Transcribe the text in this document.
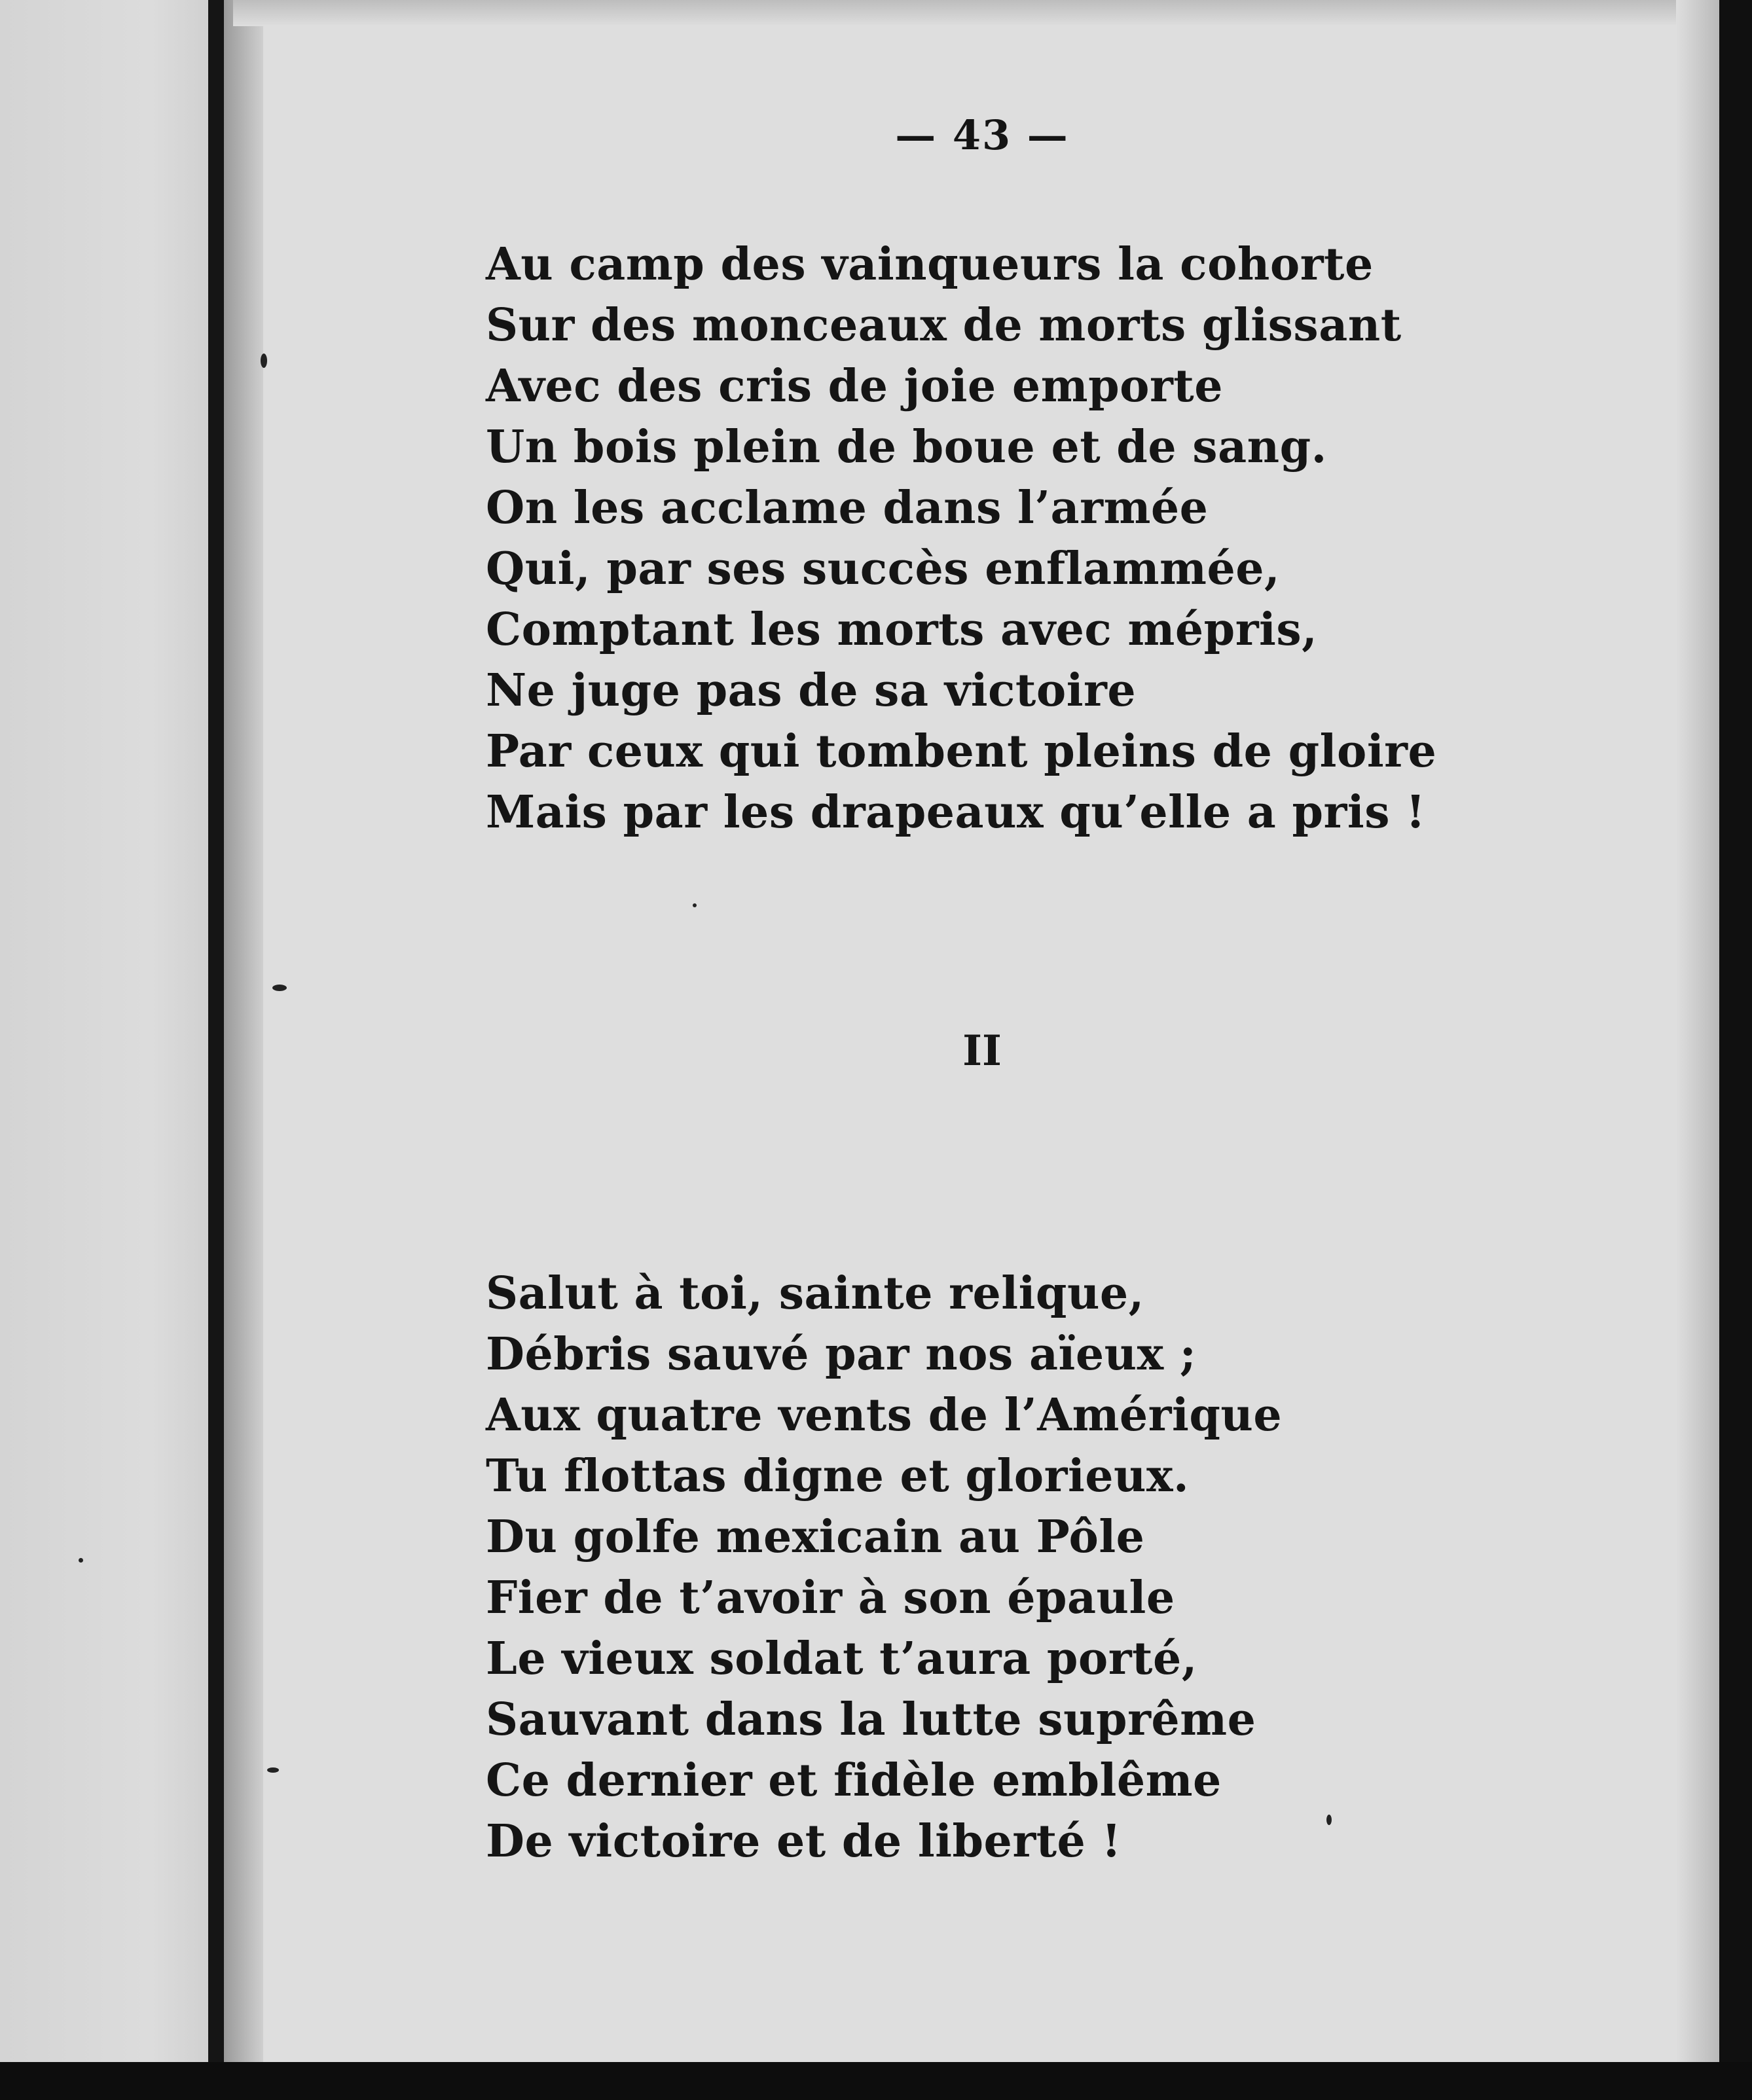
— 43 —
Au camp des vainqueurs la cohorte
Sur des monceaux de morts glissant
Avec des cris de joie emporte
Un bois plein de boue et de sang.
On les acclame dans l’armée
Qui, par ses succès enflammée,
Comptant les morts avec mépris,
Ne juge pas de sa victoire
Par ceux qui tombent pleins de gloire
Mais par les drapeaux qu’elle a pris !
II
Salut à toi, sainte relique,
Débris sauvé par nos aïeux ;
Aux quatre vents de l’Amérique
Tu flottas digne et glorieux.
Du golfe mexicain au Pôle
Fier de t’avoir à son épaule
Le vieux soldat t’aura porté,
Sauvant dans la lutte suprême
Ce dernier et fidèle emblême
De victoire et de liberté !
